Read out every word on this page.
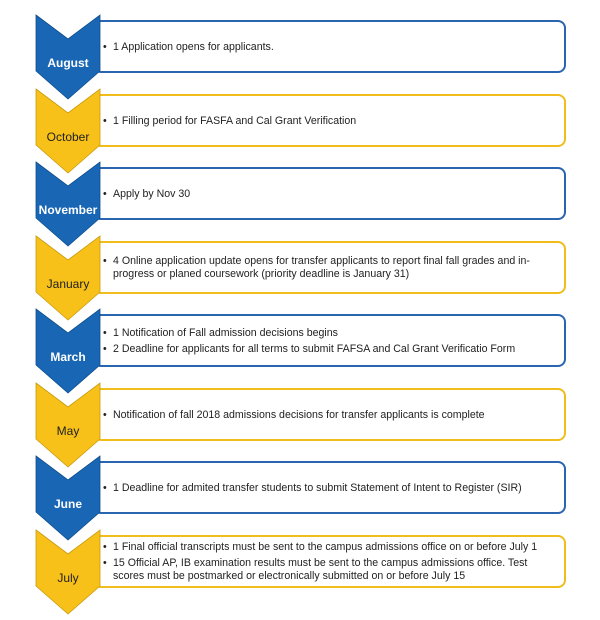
• 1 Application opens for applicants.
August
• 1 Filling period for FASFA and Cal Grant Verification
October
• Apply by Nov 30
November
• 4 Online application update opens for transfer applicants to report final fall grades and in-progress or planed coursework (priority deadline is January 31)
January
• 1 Notification of Fall admission decisions begins
• 2 Deadline for applicants for all terms to submit FAFSA and Cal Grant Verificatio Form
March
• Notification of fall 2018 admissions decisions for transfer applicants is complete
May
• 1 Deadline for admited transfer students to submit Statement of Intent to Register (SIR)
June
• 1 Final official transcripts must be sent to the campus admissions office on or before July 1
• 15 Official AP, IB examination results must be sent to the campus admissions office. Test scores must be postmarked or electronically submitted on or before July 15
July
